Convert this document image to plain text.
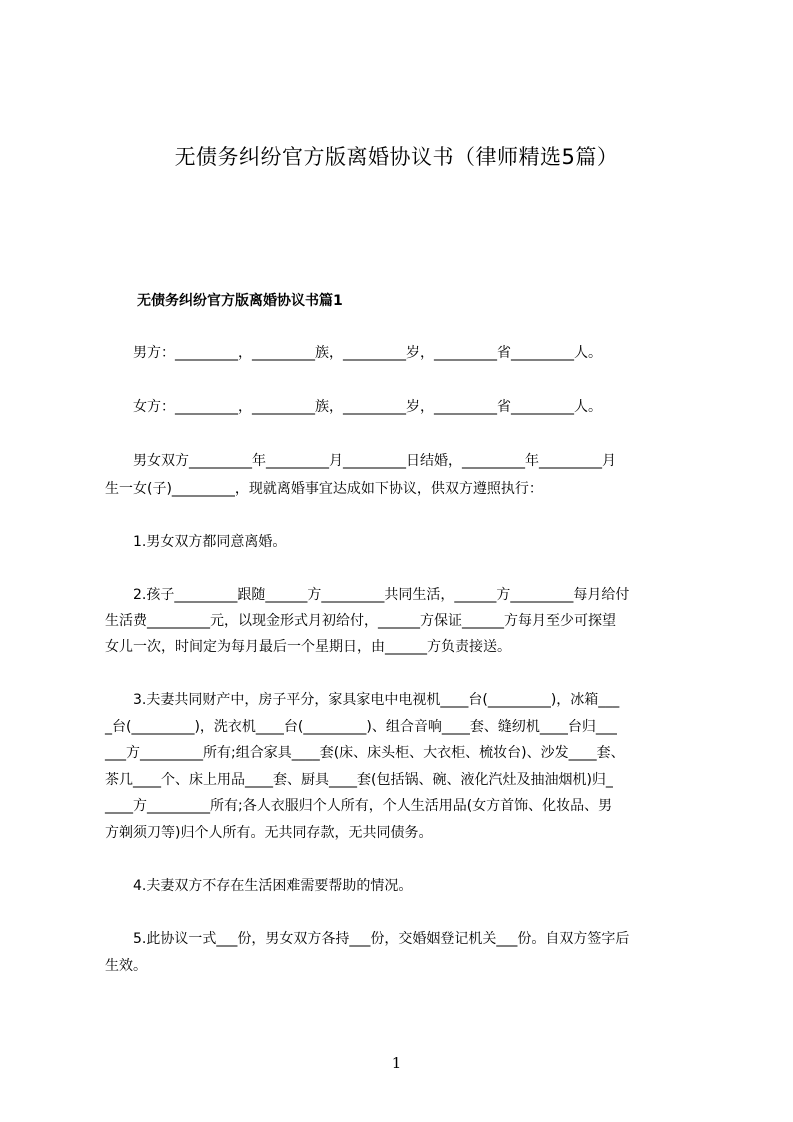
无债务纠纷官方版离婚协议书（律师精选5篇）
无债务纠纷官方版离婚协议书篇1
　　男方：_________，_________族，_________岁，_________省_________人。
　　女方：_________，_________族，_________岁，_________省_________人。
　　男女双方_________年_________月_________日结婚，_________年_________月
生一女(子)_________，现就离婚事宜达成如下协议，供双方遵照执行：
　　1.男女双方都同意离婚。
　　2.孩子_________跟随______方_________共同生活，______方_________每月给付
生活费_________元，以现金形式月初给付，______方保证______方每月至少可探望
女儿一次，时间定为每月最后一个星期日，由______方负责接送。
　　3.夫妻共同财产中，房子平分，家具家电中电视机____台(_________)，冰箱___
_台(_________)，洗衣机____台(_________)、组合音响____套、缝纫机____台归___
___方_________所有;组合家具____套(床、床头柜、大衣柜、梳妆台)、沙发____套、
茶几____个、床上用品____套、厨具____套(包括锅、碗、液化汽灶及抽油烟机)归_
____方_________所有;各人衣服归个人所有，个人生活用品(女方首饰、化妆品、男
方剃须刀等)归个人所有。无共同存款，无共同债务。
　　4.夫妻双方不存在生活困难需要帮助的情况。
　　5.此协议一式___份，男女双方各持___份，交婚姻登记机关___份。自双方签字后
生效。
1
